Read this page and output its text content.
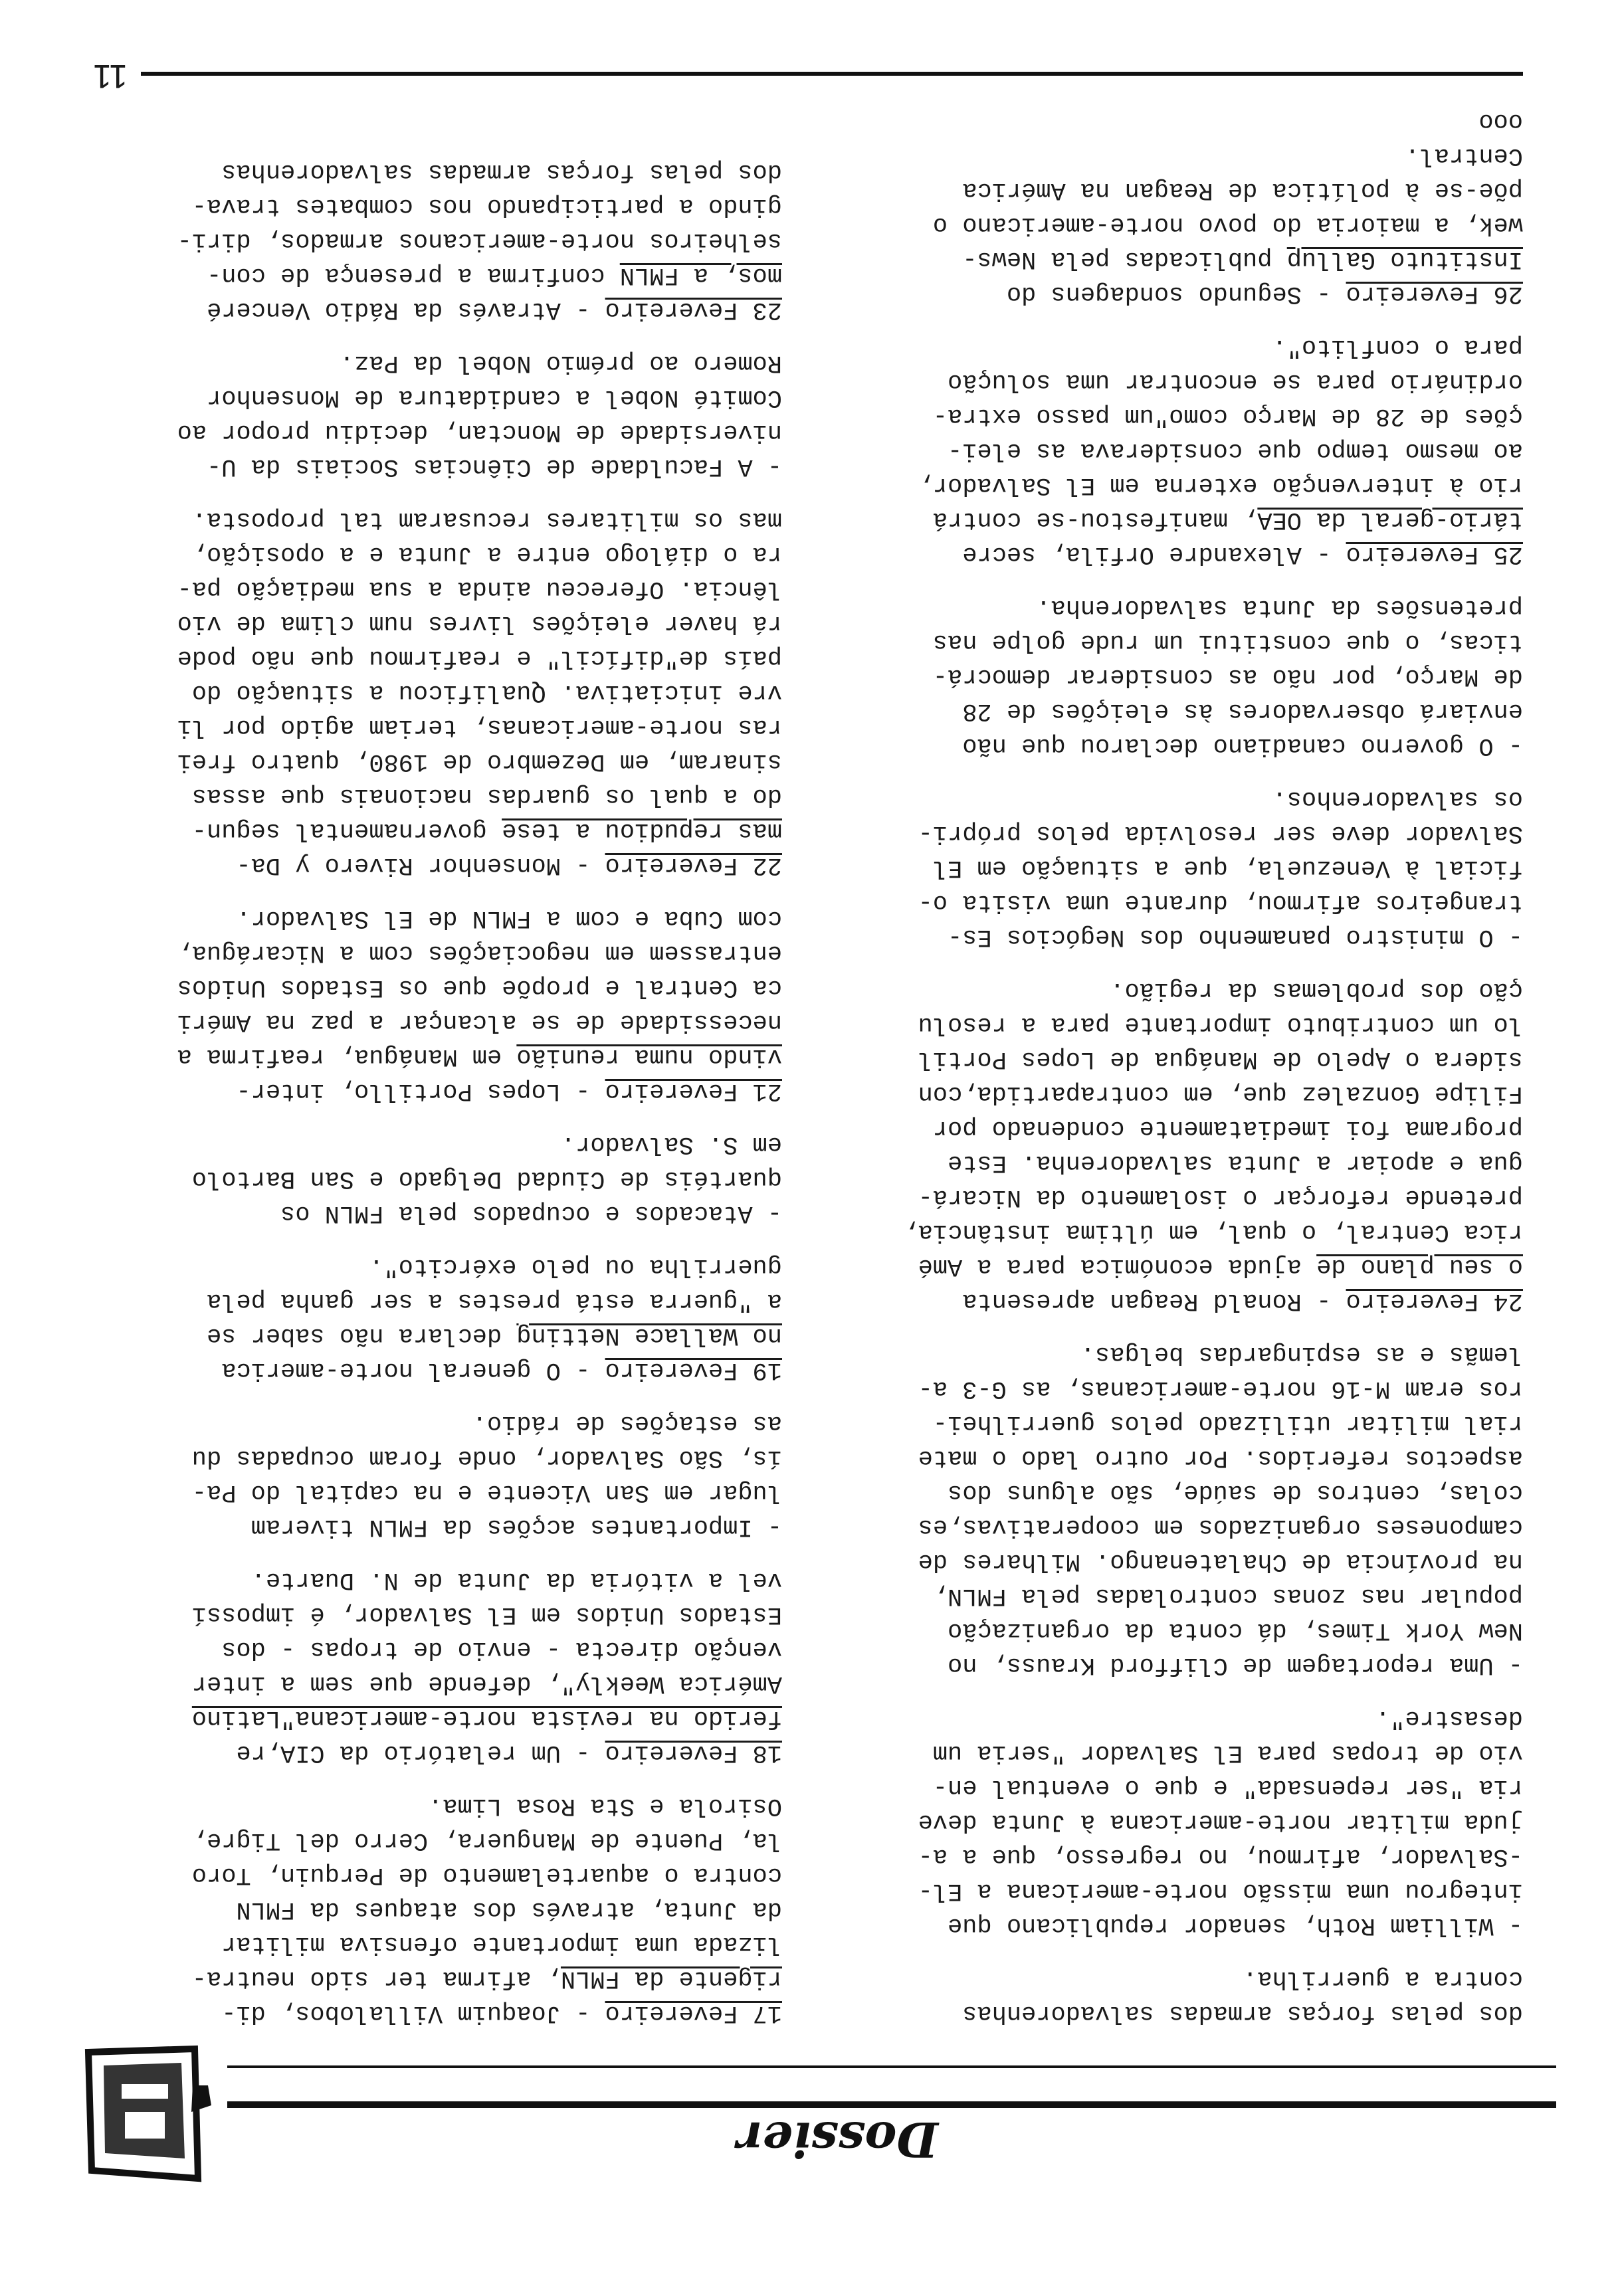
Dossier
17 Fevereiro - Joaquim Villalobos, di-
rigente da FMLN, afirma ter sido neutra-
lizada uma importante ofensiva militar
da Junta, através dos ataques da FMLN
contra o aquartelamento de Perquin, Toro
la, Puente de Manguera, Cerro del Tigre,
Osirola e Sta Rosa Lima.

18 Fevereiro - Um relatório da CIA,re
ferido na revista norte-americana"Latino
América Weekly", defende que sem a inter
venção directa - envio de tropas - dos
Estados Unidos em El Salvador, é impossí
vel a vitória da Junta de N. Duarte.

- Importantes acções da FMLN tiveram
lugar em San Vicente e na capital do Pa-
ís, São Salvador, onde foram ocupadas du
as estações de rádio.

19 Fevereiro - O general norte-america
no Wallace Netting declara não saber se
a "guerra está prestes a ser ganha pela
guerrilha ou pelo exército".

- Atacados e ocupados pela FMLN os
quartéis de Ciudad Delgado e San Bartolo
em S. Salvador.

21 Fevereiro - Lopes Portillo, inter-
vindo numa reunião em Manágua, reafirma a
necessidade de se alcançar a paz na Améri
ca Central e propõe que os Estados Unidos
entrassem em negociações com a Nicarágua,
com Cuba e com a FMLN de El Salvador.

22 Fevereiro - Monsenhor Rivero y Da-
mas repudiou a tese governamental segun-
do a qual os guardas nacionais que assas
sinaram, em Dezembro de 1980, quatro frei
ras norte-americanas, teriam agido por li
vre iniciativa. Qualificou a situação do
país de"difícil" e reafirmou que não pode
rá haver eleições livres num clima de vio
lência. Ofereceu ainda a sua mediação pa-
ra o diálogo entre a Junta e a oposição,
mas os militares recusaram tal proposta.

- A Faculdade de Ciências Sociais da U-
niversidade de Monctan, decidiu propor ao
Comité Nobel a candidatura de Monsenhor
Romero ao prémio Nobel da Paz.

23 Fevereiro - Através da Rádio Venceré
mos, a FMLN confirma a presença de con-
selheiros norte-americanos armados, diri-
gindo a participando nos combates trava-
dos pelas forças armadas salvadorenhas
dos pelas forças armadas salvadorenhas
contra a guerrilha.

- William Roth, senador republicano que
integrou uma missão norte-americana a El-
-Salvador, afirmou, no regresso, que a a-
juda militar norte-americana à Junta deve
ria "ser repensada" e que o eventual en-
vio de tropas para El Salvador "seria um
desastre".

- Uma reportagem de Clifford Krauss, no
New York Times, dá conta da organização
popular nas zonas controladas pela FMLN,
na província de Chalatenango. Milhares de
camponeses organizados em cooperativas,es
colas, centros de saúde, são alguns dos
aspectos referidos. Por outro lado o mate
rial militar utilizado pelos guerrilhei-
ros eram M-16 norte-americanas, as G-3 a-
lemãs e as espingardas belgas.

24 Fevereiro - Ronald Reagan apresenta
o seu plano de ajuda económica para a Amé
rica Central, o qual, em última instância,
pretende reforçar o isolamento da Nicará-
gua e apoiar a Junta salvadorenha. Este
programa foi imediatamente condenado por
Filipe Gonzalez que, em contrapartida,con
sidera o Apelo de Manágua de Lopes Portil
lo um contributo importante para a resolu
ção dos problemas da região.

- O ministro panamenho dos Negócios Es-
trangeiros afirmou, durante uma visita o-
ficial à Venezuela, que a situação em El
Salvador deve ser resolvida pelos própri-
os salvadorenhos.

- O governo canadiano declarou que não
enviará observadores às eleições de 28
de Março, por não as considerar democrá-
ticas, o que constitui um rude golpe nas
pretensões da Junta salvadorenha.

25 Fevereiro - Alexandre Orfila, secre
tário-geral da OEA, manifestou-se contrá
rio à intervenção externa em El Salvador,
ao mesmo tempo que considerava as elei-
ções de 28 de Março como"um passo extra-
ordinário para se encontrar uma solução
para o conflito".

26 Fevereiro - Segundo sondagens do
Instituto Gallup publicadas pela News-
wek, a maioria do povo norte-americano o
põe-se à política de Reagan na América
Central.
ooo
11
